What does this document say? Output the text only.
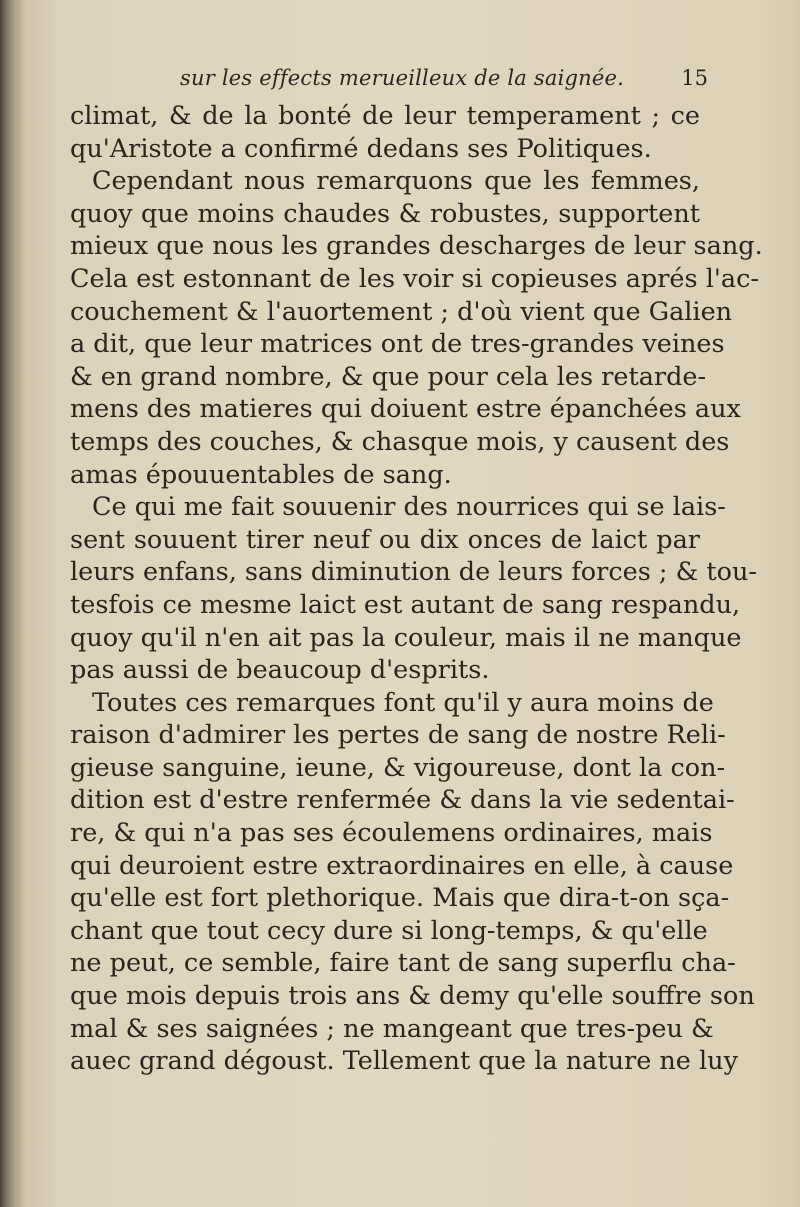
sur les effects merueilleux de la saignée.	15

climat, & de la bonté de leur temperament ; ce
qu'Aristote a confirmé dedans ses Politiques.

Cependant nous remarquons que les femmes,
quoy que moins chaudes & robustes, supportent
mieux que nous les grandes descharges de leur sang.
Cela est estonnant de les voir si copieuses aprés l'ac-
couchement & l'auortement ; d'où vient que Galien
a dit, que leur matrices ont de tres-grandes veines
& en grand nombre, & que pour cela les retarde-
mens des matieres qui doiuent estre épanchées aux
temps des couches, & chasque mois, y causent des
amas épouuentables de sang.

Ce qui me fait souuenir des nourrices qui se lais-
sent souuent tirer neuf ou dix onces de laict par
leurs enfans, sans diminution de leurs forces ; & tou-
tesfois ce mesme laict est autant de sang respandu,
quoy qu'il n'en ait pas la couleur, mais il ne manque
pas aussi de beaucoup d'esprits.

Toutes ces remarques font qu'il y aura moins de
raison d'admirer les pertes de sang de nostre Reli-
gieuse sanguine, ieune, & vigoureuse, dont la con-
dition est d'estre renfermée & dans la vie sedentai-
re, & qui n'a pas ses écoulemens ordinaires, mais
qui deuroient estre extraordinaires en elle, à cause
qu'elle est fort plethorique. Mais que dira-t-on sça-
chant que tout cecy dure si long-temps, & qu'elle
ne peut, ce semble, faire tant de sang superflu cha-
que mois depuis trois ans & demy qu'elle souffre son
mal & ses saignées ; ne mangeant que tres-peu &
auec grand dégoust. Tellement que la nature ne luy
